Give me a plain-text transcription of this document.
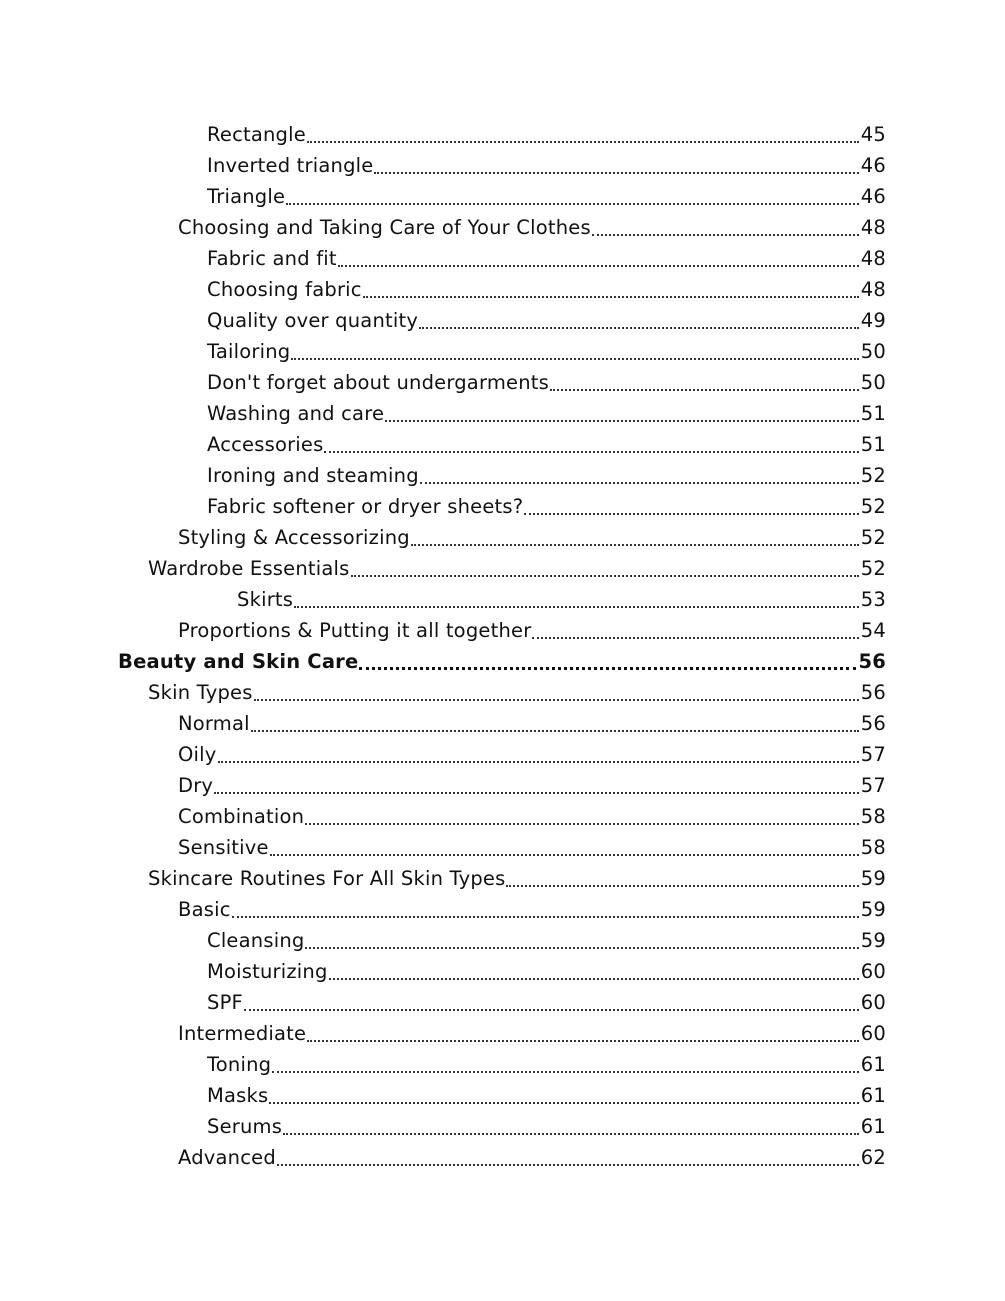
Rectangle	45
Inverted triangle	46
Triangle	46
Choosing and Taking Care of Your Clothes	48
Fabric and fit	48
Choosing fabric	48
Quality over quantity	49
Tailoring	50
Don't forget about undergarments	50
Washing and care	51
Accessories	51
Ironing and steaming	52
Fabric softener or dryer sheets?	52
Styling & Accessorizing	52
Wardrobe Essentials	52
Skirts	53
Proportions & Putting it all together	54
Beauty and Skin Care	56
Skin Types	56
Normal	56
Oily	57
Dry	57
Combination	58
Sensitive	58
Skincare Routines For All Skin Types	59
Basic	59
Cleansing	59
Moisturizing	60
SPF	60
Intermediate	60
Toning	61
Masks	61
Serums	61
Advanced	62
